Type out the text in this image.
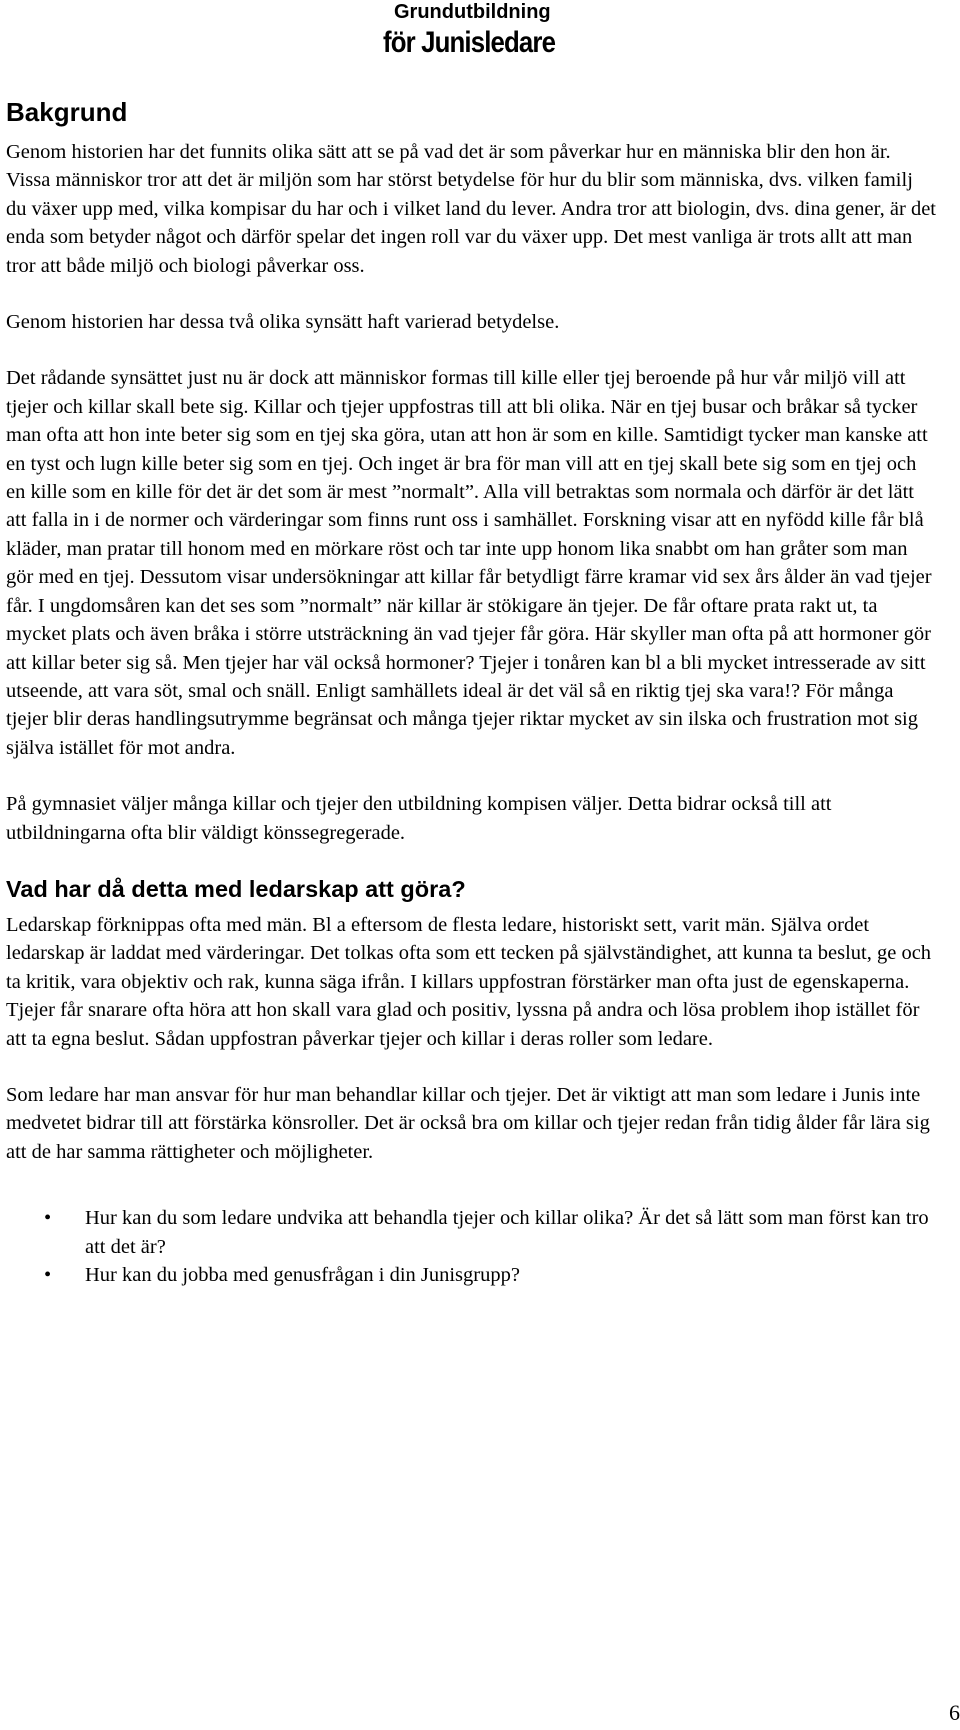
Grundutbildning
för Junisledare
Bakgrund

Genom historien har det funnits olika sätt att se på vad det är som påverkar hur en människa blir den hon är. Vissa människor tror att det är miljön som har störst betydelse för hur du blir som människa, dvs. vilken familj du växer upp med, vilka kompisar du har och i vilket land du lever. Andra tror att biologin, dvs. dina gener, är det enda som betyder något och därför spelar det ingen roll var du växer upp. Det mest vanliga är trots allt att man tror att både miljö och biologi påverkar oss.

Genom historien har dessa två olika synsätt haft varierad betydelse.

Det rådande synsättet just nu är dock att människor formas till kille eller tjej beroende på hur vår miljö vill att tjejer och killar skall bete sig. Killar och tjejer uppfostras till att bli olika. När en tjej busar och bråkar så tycker man ofta att hon inte beter sig som en tjej ska göra, utan att hon är som en kille. Samtidigt tycker man kanske att en tyst och lugn kille beter sig som en tjej. Och inget är bra för man vill att en tjej skall bete sig som en tjej och en kille som en kille för det är det som är mest ”normalt”. Alla vill betraktas som normala och därför är det lätt att falla in i de normer och värderingar som finns runt oss i samhället. Forskning visar att en nyfödd kille får blå kläder, man pratar till honom med en mörkare röst och tar inte upp honom lika snabbt om han gråter som man gör med en tjej. Dessutom visar undersökningar att killar får betydligt färre kramar vid sex års ålder än vad tjejer får. I ungdomsåren kan det ses som ”normalt” när killar är stökigare än tjejer. De får oftare prata rakt ut, ta mycket plats och även bråka i större utsträckning än vad tjejer får göra. Här skyller man ofta på att hormoner gör att killar beter sig så. Men tjejer har väl också hormoner? Tjejer i tonåren kan bl a bli mycket intresserade av sitt utseende, att vara söt, smal och snäll. Enligt samhällets ideal är det väl så en riktig tjej ska vara!? För många tjejer blir deras handlingsutrymme begränsat och många tjejer riktar mycket av sin ilska och frustration mot sig själva istället för mot andra.

På gymnasiet väljer många killar och tjejer den utbildning kompisen väljer. Detta bidrar också till att utbildningarna ofta blir väldigt könssegregerade.

Vad har då detta med ledarskap att göra?

Ledarskap förknippas ofta med män. Bl a eftersom de flesta ledare, historiskt sett, varit män. Själva ordet ledarskap är laddat med värderingar. Det tolkas ofta som ett tecken på självständighet, att kunna ta beslut, ge och ta kritik, vara objektiv och rak, kunna säga ifrån. I killars uppfostran förstärker man ofta just de egenskaperna. Tjejer får snarare ofta höra att hon skall vara glad och positiv, lyssna på andra och lösa problem ihop istället för att ta egna beslut. Sådan uppfostran påverkar tjejer och killar i deras roller som ledare.

Som ledare har man ansvar för hur man behandlar killar och tjejer. Det är viktigt att man som ledare i Junis inte medvetet bidrar till att förstärka könsroller. Det är också bra om killar och tjejer redan från tidig ålder får lära sig att de har samma rättigheter och möjligheter.

• Hur kan du som ledare undvika att behandla tjejer och killar olika? Är det så lätt som man först kan tro att det är?
• Hur kan du jobba med genusfrågan i din Junisgrupp?
6
